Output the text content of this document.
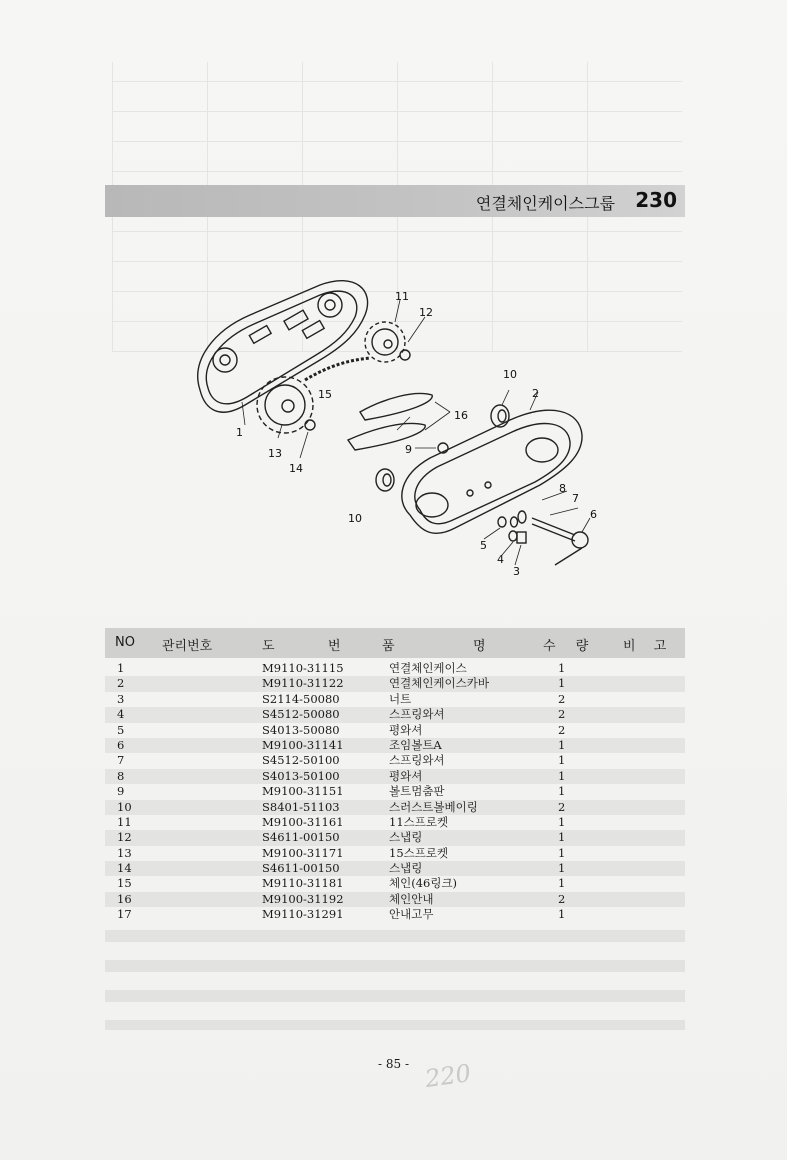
연결체인케이스그룹 230
1
2
3
4
5
6
7
8
9
10
10
11
12
13
14
15
16
NO 관리번호	도	번	품	명	수 량	비 고
1	M9110-31115	연결체인케이스	1
2	M9110-31122	연결체인케이스카바	1
3	S2114-50080	너트	2
4	S4512-50080	스프링와셔	2
5	S4013-50080	평와셔	2
6	M9100-31141	조임볼트A	1
7	S4512-50100	스프링와셔	1
8	S4013-50100	평와셔	1
9	M9100-31151	볼트멈춤판	1
10	S8401-51103	스러스트볼베이링	2
11	M9100-31161	11스프로켓	1
12	S4611-00150	스냅링	1
13	M9100-31171	15스프로켓	1
14	S4611-00150	스냅링	1
15	M9110-31181	체인(46링크)	1
16	M9100-31192	체인안내	2
17	M9110-31291	안내고무	1
- 85 - 220
